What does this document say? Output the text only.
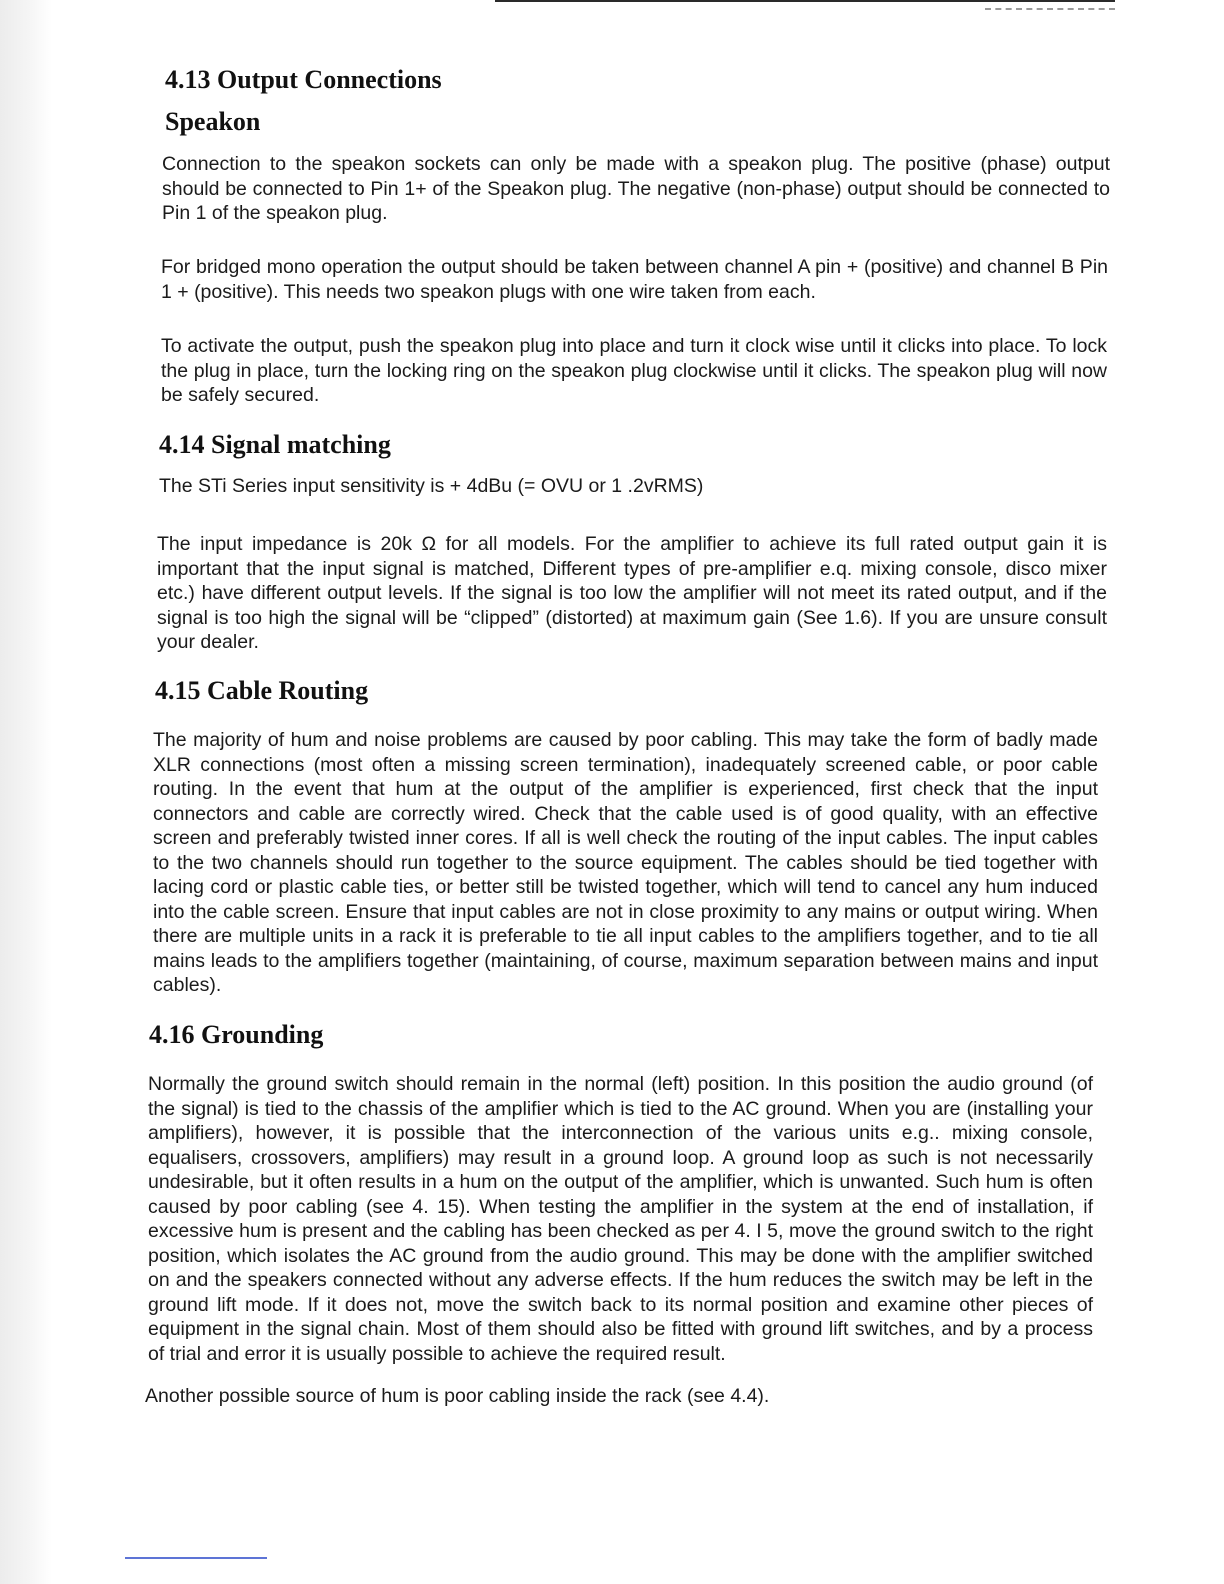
4.13 Output Connections
Speakon

Connection to the speakon sockets can only be made with a speakon plug. The positive (phase) output should be connected to Pin 1+ of the Speakon plug. The negative (non-phase) output should be connected to Pin 1 of the speakon plug.

For bridged mono operation the output should be taken between channel A pin + (positive) and channel B Pin 1 + (positive). This needs two speakon plugs with one wire taken from each.

To activate the output, push the speakon plug into place and turn it clock wise until it clicks into place. To lock the plug in place, turn the locking ring on the speakon plug clockwise until it clicks. The speakon plug will now be safely secured.

4.14 Signal matching

The STi Series input sensitivity is + 4dBu (= OVU or 1 .2vRMS)

The input impedance is 20k Ω for all models. For the amplifier to achieve its full rated output gain it is important that the input signal is matched, Different types of pre-amplifier e.q. mixing console, disco mixer etc.) have different output levels. If the signal is too low the amplifier will not meet its rated output, and if the signal is too high the signal will be “clipped” (distorted) at maximum gain (See 1.6). If you are unsure consult your dealer.

4.15 Cable Routing

The majority of hum and noise problems are caused by poor cabling. This may take the form of badly made XLR connections (most often a missing screen termination), inadequately screened cable, or poor cable routing. In the event that hum at the output of the amplifier is experienced, first check that the input connectors and cable are correctly wired. Check that the cable used is of good quality, with an effective screen and preferably twisted inner cores. If all is well check the routing of the input cables. The input cables to the two channels should run together to the source equipment. The cables should be tied together with lacing cord or plastic cable ties, or better still be twisted together, which will tend to cancel any hum induced into the cable screen. Ensure that input cables are not in close proximity to any mains or output wiring. When there are multiple units in a rack it is preferable to tie all input cables to the amplifiers together, and to tie all mains leads to the amplifiers together (maintaining, of course, maximum separation between mains and input cables).

4.16 Grounding

Normally the ground switch should remain in the normal (left) position. In this position the audio ground (of the signal) is tied to the chassis of the amplifier which is tied to the AC ground. When you are (installing your amplifiers), however, it is possible that the interconnection of the various units e.g.. mixing console, equalisers, crossovers, amplifiers) may result in a ground loop. A ground loop as such is not necessarily undesirable, but it often results in a hum on the output of the amplifier, which is unwanted. Such hum is often caused by poor cabling (see 4. 15). When testing the amplifier in the system at the end of installation, if excessive hum is present and the cabling has been checked as per 4. I 5, move the ground switch to the right position, which isolates the AC ground from the audio ground. This may be done with the amplifier switched on and the speakers connected without any adverse effects. If the hum reduces the switch may be left in the ground lift mode. If it does not, move the switch back to its normal position and examine other pieces of equipment in the signal chain. Most of them should also be fitted with ground lift switches, and by a process of trial and error it is usually possible to achieve the required result.

Another possible source of hum is poor cabling inside the rack (see 4.4).
